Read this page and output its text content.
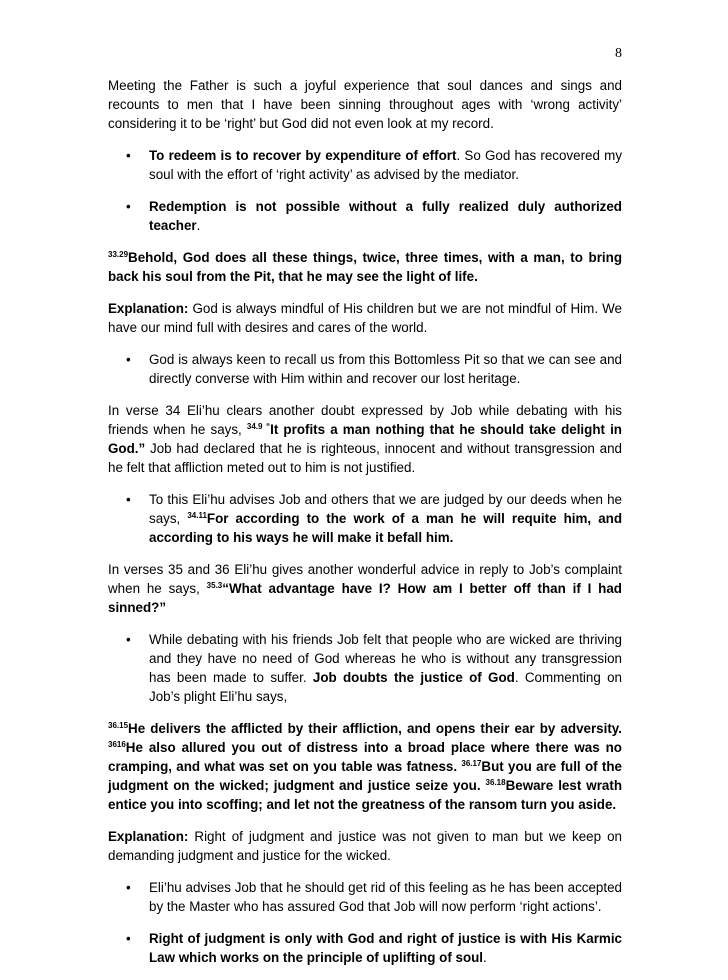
8

Meeting the Father is such a joyful experience that soul dances and sings and recounts to men that I have been sinning throughout ages with ‘wrong activity’ considering it to be ‘right’ but God did not even look at my record.

• To redeem is to recover by expenditure of effort. So God has recovered my soul with the effort of ‘right activity’ as advised by the mediator.
• Redemption is not possible without a fully realized duly authorized teacher.

$^{33.29}$Behold, God does all these things, twice, three times, with a man, to bring back his soul from the Pit, that he may see the light of life.

Explanation: God is always mindful of His children but we are not mindful of Him. We have our mind full with desires and cares of the world.

• God is always keen to recall us from this Bottomless Pit so that we can see and directly converse with Him within and recover our lost heritage.

In verse 34 Eli’hu clears another doubt expressed by Job while debating with his friends when he says, $^{34.9}$ “It profits a man nothing that he should take delight in God.” Job had declared that he is righteous, innocent and without transgression and he felt that affliction meted out to him is not justified.

• To this Eli’hu advises Job and others that we are judged by our deeds when he says, $^{34.11}$For according to the work of a man he will requite him, and according to his ways he will make it befall him.

In verses 35 and 36 Eli’hu gives another wonderful advice in reply to Job’s complaint when he says, $^{35.3}$“What advantage have I? How am I better off than if I had sinned?”

• While debating with his friends Job felt that people who are wicked are thriving and they have no need of God whereas he who is without any transgression has been made to suffer. Job doubts the justice of God. Commenting on Job’s plight Eli’hu says,

$^{36.15}$He delivers the afflicted by their affliction, and opens their ear by adversity. $^{3616}$He also allured you out of distress into a broad place where there was no cramping, and what was set on you table was fatness. $^{36.17}$But you are full of the judgment on the wicked; judgment and justice seize you. $^{36.18}$Beware lest wrath entice you into scoffing; and let not the greatness of the ransom turn you aside.

Explanation: Right of judgment and justice was not given to man but we keep on demanding judgment and justice for the wicked.

• Eli’hu advises Job that he should get rid of this feeling as he has been accepted by the Master who has assured God that Job will now perform ‘right actions’.
• Right of judgment is only with God and right of justice is with His Karmic Law which works on the principle of uplifting of soul.
